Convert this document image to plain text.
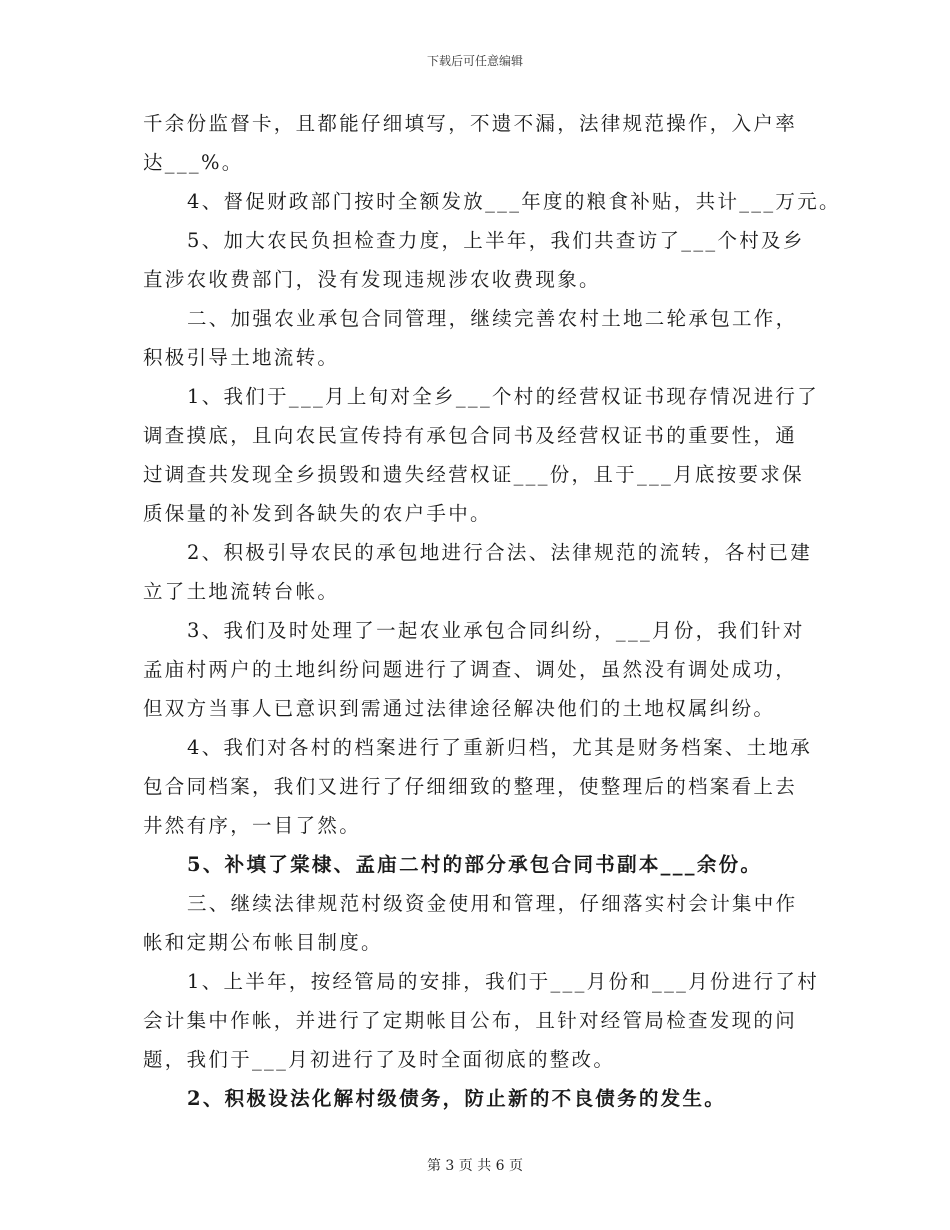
下载后可任意编辑
千余份监督卡，且都能仔细填写，不遗不漏，法律规范操作，入户率
达___%。
4、督促财政部门按时全额发放___年度的粮食补贴，共计___万元。
5、加大农民负担检查力度，上半年，我们共查访了___个村及乡
直涉农收费部门，没有发现违规涉农收费现象。
二、加强农业承包合同管理，继续完善农村土地二轮承包工作，
积极引导土地流转。
1、我们于___月上旬对全乡___个村的经营权证书现存情况进行了
调查摸底，且向农民宣传持有承包合同书及经营权证书的重要性，通
过调查共发现全乡损毁和遗失经营权证___份，且于___月底按要求保
质保量的补发到各缺失的农户手中。
2、积极引导农民的承包地进行合法、法律规范的流转，各村已建
立了土地流转台帐。
3、我们及时处理了一起农业承包合同纠纷，___月份，我们针对
孟庙村两户的土地纠纷问题进行了调查、调处，虽然没有调处成功，
但双方当事人已意识到需通过法律途径解决他们的土地权属纠纷。
4、我们对各村的档案进行了重新归档，尤其是财务档案、土地承
包合同档案，我们又进行了仔细细致的整理，使整理后的档案看上去
井然有序，一目了然。
5、补填了棠棣、孟庙二村的部分承包合同书副本___余份。
三、继续法律规范村级资金使用和管理，仔细落实村会计集中作
帐和定期公布帐目制度。
1、上半年，按经管局的安排，我们于___月份和___月份进行了村
会计集中作帐，并进行了定期帐目公布，且针对经管局检查发现的问
题，我们于___月初进行了及时全面彻底的整改。
2、积极设法化解村级债务，防止新的不良债务的发生。
第 3 页 共 6 页
